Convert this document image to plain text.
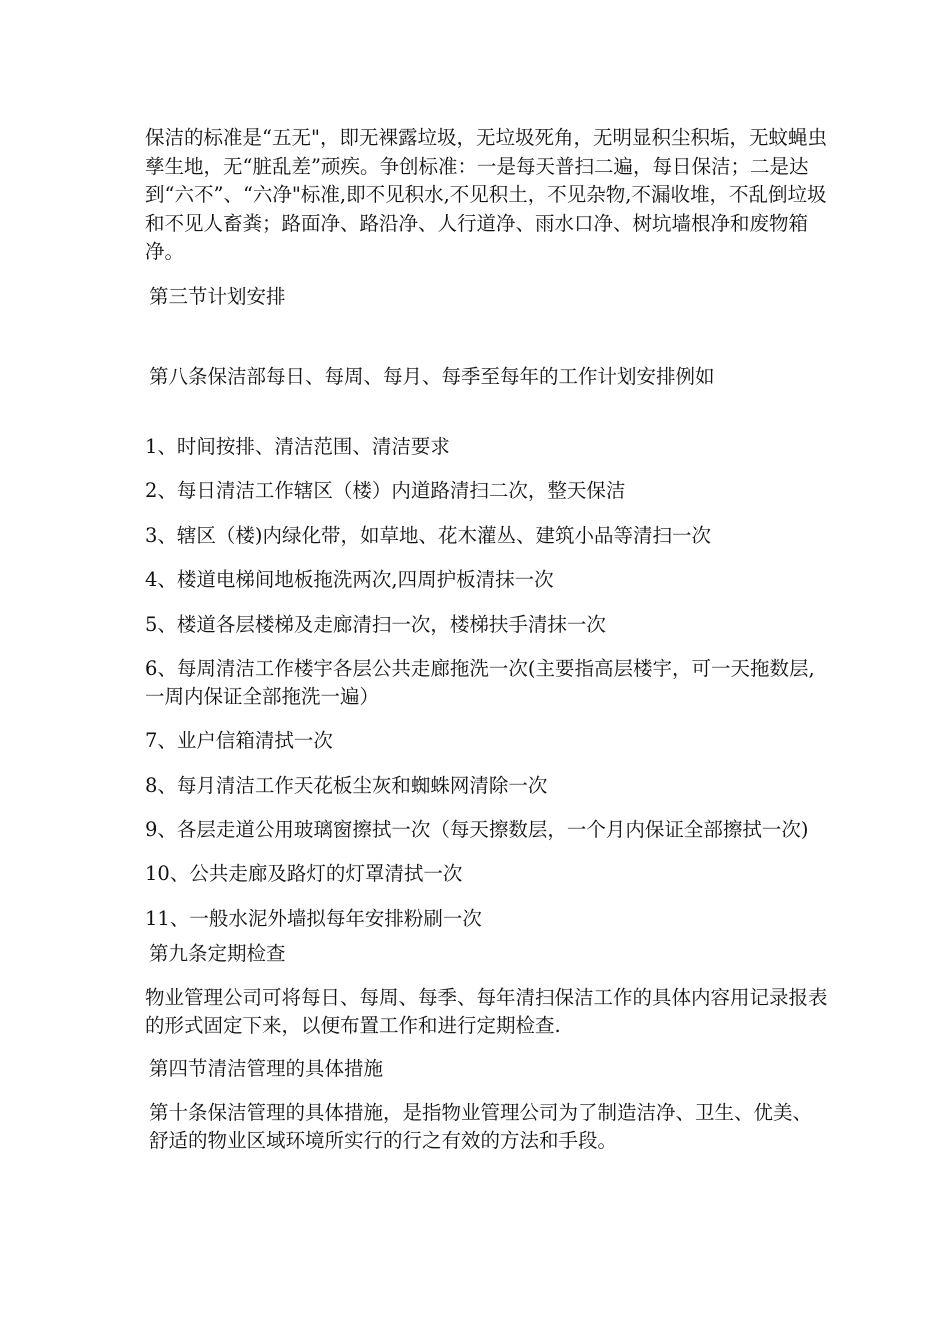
保洁的标准是“五无"，即无裸露垃圾，无垃圾死角，无明显积尘积垢，无蚊蝇虫孳生地，无“脏乱差”顽疾。争创标准：一是每天普扫二遍，每日保洁；二是达到“六不”、“六净"标准,即不见积水,不见积土，不见杂物,不漏收堆，不乱倒垃圾和不见人畜粪；路面净、路沿净、人行道净、雨水口净、树坑墙根净和废物箱净。

第三节计划安排

第八条保洁部每日、每周、每月、每季至每年的工作计划安排例如

1、时间按排、清洁范围、清洁要求
2、每日清洁工作辖区（楼）内道路清扫二次，整天保洁
3、辖区（楼)内绿化带，如草地、花木灌丛、建筑小品等清扫一次
4、楼道电梯间地板拖洗两次,四周护板清抹一次
5、楼道各层楼梯及走廊清扫一次，楼梯扶手清抹一次
6、每周清洁工作楼宇各层公共走廊拖洗一次(主要指高层楼宇，可一天拖数层,一周内保证全部拖洗一遍）
7、业户信箱清拭一次
8、每月清洁工作天花板尘灰和蜘蛛网清除一次
9、各层走道公用玻璃窗擦拭一次（每天擦数层，一个月内保证全部擦拭一次)
10、公共走廊及路灯的灯罩清拭一次
11、一般水泥外墙拟每年安排粉刷一次

第九条定期检查

物业管理公司可将每日、每周、每季、每年清扫保洁工作的具体内容用记录报表的形式固定下来，以便布置工作和进行定期检查.

第四节清洁管理的具体措施

第十条保洁管理的具体措施，是指物业管理公司为了制造洁净、卫生、优美、舒适的物业区域环境所实行的行之有效的方法和手段。
